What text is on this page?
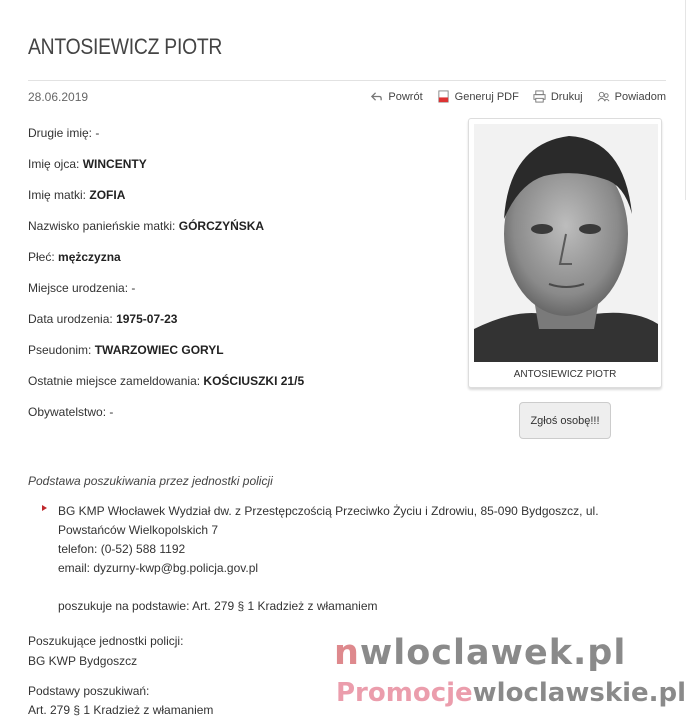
ANTOSIEWICZ PIOTR
28.06.2019	Powrót	Generuj PDF	Drukuj	Powiadom
Drugie imię: -
Imię ojca: WINCENTY
Imię matki: ZOFIA
Nazwisko panieńskie matki: GÓRCZYŃSKA
Płeć: mężczyzna
Miejsce urodzenia: -
Data urodzenia: 1975-07-23
Pseudonim: TWARZOWIEC GORYL
Ostatnie miejsce zameldowania: KOŚCIUSZKI 21/5
Obywatelstwo: -
ANTOSIEWICZ PIOTR
Zgłoś osobę!!!
Podstawa poszukiwania przez jednostki policji
BG KMP Włocławek Wydział dw. z Przestępczością Przeciwko Życiu i Zdrowiu, 85-090 Bydgoszcz, ul.
Powstańców Wielkopolskich 7
telefon: (0-52) 588 1192
email: dyzurny-kwp@bg.policja.gov.pl
poszukuje na podstawie: Art. 279 § 1 Kradzież z włamaniem
Poszukujące jednostki policji:
BG KWP Bydgoszcz
Podstawy poszukiwań:
Art. 279 § 1 Kradzież z włamaniem
nwloclawek.pl
Promocjewloclawskie.pl
